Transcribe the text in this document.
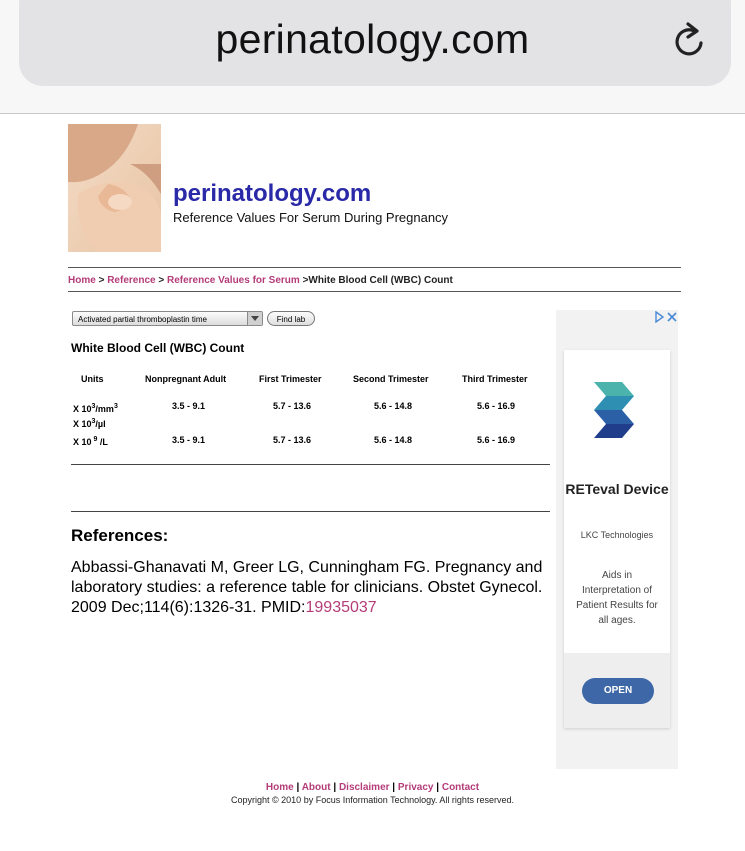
perinatology.com
perinatology.com
Reference Values For Serum During Pregnancy
Home > Reference > Reference Values for Serum >White Blood Cell (WBC) Count
Activated partial thromboplastin time	Find lab
White Blood Cell (WBC) Count
Units	Nonpregnant Adult	First Trimester	Second Trimester	Third Trimester
X $10^3/mm^3$
X $10^3/\mu l$
3.5 - 9.1	5.7 - 13.6	5.6 - 14.8	5.6 - 16.9
X 10 $^9$ /L	3.5 - 9.1	5.7 - 13.6	5.6 - 14.8	5.6 - 16.9
References:
Abbassi-Ghanavati M, Greer LG, Cunningham FG. Pregnancy and laboratory studies: a reference table for clinicians. Obstet Gynecol. 2009 Dec;114(6):1326-31. PMID:19935037
RETeval Device
LKC Technologies
Aids in Interpretation of Patient Results for all ages.
OPEN
Home | About | Disclaimer | Privacy | Contact
Copyright © 2010 by Focus Information Technology. All rights reserved.
